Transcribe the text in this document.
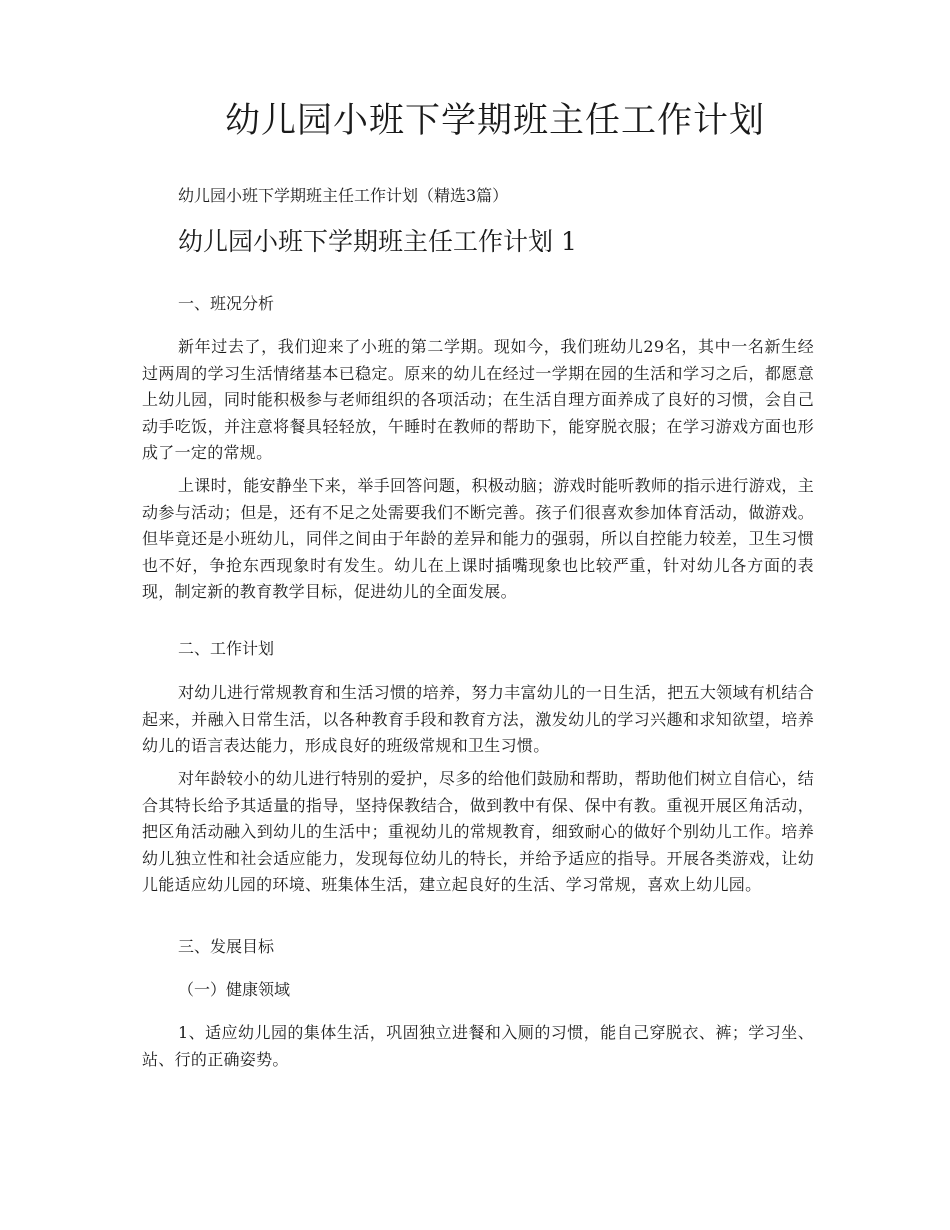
幼儿园小班下学期班主任工作计划

幼儿园小班下学期班主任工作计划（精选3篇）

幼儿园小班下学期班主任工作计划 1

一、班况分析

新年过去了，我们迎来了小班的第二学期。现如今，我们班幼儿29名，其中一名新生经过两周的学习生活情绪基本已稳定。原来的幼儿在经过一学期在园的生活和学习之后，都愿意上幼儿园，同时能积极参与老师组织的各项活动；在生活自理方面养成了良好的习惯，会自己动手吃饭，并注意将餐具轻轻放，午睡时在教师的帮助下，能穿脱衣服；在学习游戏方面也形成了一定的常规。

上课时，能安静坐下来，举手回答问题，积极动脑；游戏时能听教师的指示进行游戏，主动参与活动；但是，还有不足之处需要我们不断完善。孩子们很喜欢参加体育活动，做游戏。但毕竟还是小班幼儿，同伴之间由于年龄的差异和能力的强弱，所以自控能力较差，卫生习惯也不好，争抢东西现象时有发生。幼儿在上课时插嘴现象也比较严重，针对幼儿各方面的表现，制定新的教育教学目标，促进幼儿的全面发展。

二、工作计划

对幼儿进行常规教育和生活习惯的培养，努力丰富幼儿的一日生活，把五大领域有机结合起来，并融入日常生活，以各种教育手段和教育方法，激发幼儿的学习兴趣和求知欲望，培养幼儿的语言表达能力，形成良好的班级常规和卫生习惯。

对年龄较小的幼儿进行特别的爱护，尽多的给他们鼓励和帮助，帮助他们树立自信心，结合其特长给予其适量的指导，坚持保教结合，做到教中有保、保中有教。重视开展区角活动，把区角活动融入到幼儿的生活中；重视幼儿的常规教育，细致耐心的做好个别幼儿工作。培养幼儿独立性和社会适应能力，发现每位幼儿的特长，并给予适应的指导。开展各类游戏，让幼儿能适应幼儿园的环境、班集体生活，建立起良好的生活、学习常规，喜欢上幼儿园。

三、发展目标

（一）健康领域

1、适应幼儿园的集体生活，巩固独立进餐和入厕的习惯，能自己穿脱衣、裤；学习坐、站、行的正确姿势。
